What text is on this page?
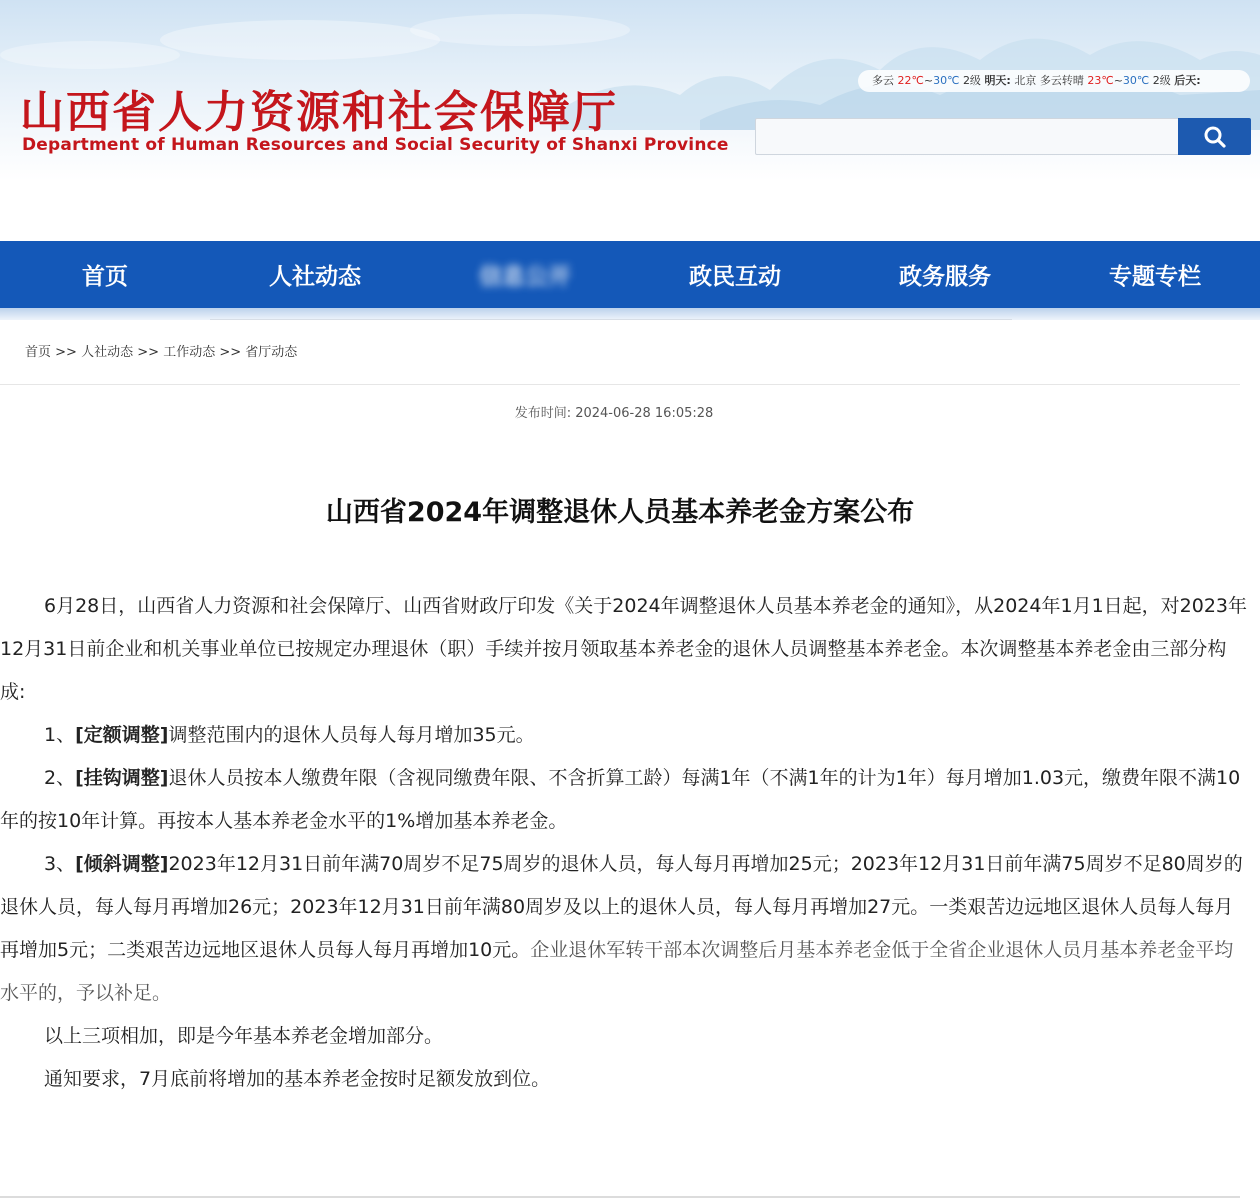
山西省人力资源和社会保障厅
Department of Human Resources and Social Security of Shanxi Province
多云 22℃~30℃ 2级 明天: 北京 多云转晴 23℃~30℃ 2级 后天:
首页	人社动态	信息公开	政民互动	政务服务	专题专栏
首页 >> 人社动态 >> 工作动态 >> 省厅动态
发布时间: 2024-06-28 16:05:28
山西省2024年调整退休人员基本养老金方案公布

6月28日，山西省人力资源和社会保障厅、山西省财政厅印发《关于2024年调整退休人员基本养老金的通知》，从2024年1月1日起，对2023年12月31日前企业和机关事业单位已按规定办理退休（职）手续并按月领取基本养老金的退休人员调整基本养老金。本次调整基本养老金由三部分构成:

1、[定额调整]调整范围内的退休人员每人每月增加35元。

2、[挂钩调整]退休人员按本人缴费年限（含视同缴费年限、不含折算工龄）每满1年（不满1年的计为1年）每月增加1.03元，缴费年限不满10年的按10年计算。再按本人基本养老金水平的1%增加基本养老金。

3、[倾斜调整]2023年12月31日前年满70周岁不足75周岁的退休人员，每人每月再增加25元；2023年12月31日前年满75周岁不足80周岁的退休人员，每人每月再增加26元；2023年12月31日前年满80周岁及以上的退休人员，每人每月再增加27元。一类艰苦边远地区退休人员每人每月再增加5元；二类艰苦边远地区退休人员每人每月再增加10元。企业退休军转干部本次调整后月基本养老金低于全省企业退休人员月基本养老金平均水平的，予以补足。

以上三项相加，即是今年基本养老金增加部分。

通知要求，7月底前将增加的基本养老金按时足额发放到位。
